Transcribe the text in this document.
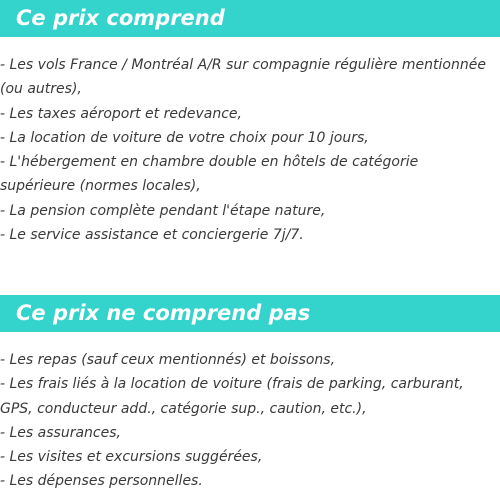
Ce prix comprend
- Les vols France / Montréal A/R sur compagnie régulière mentionnée (ou autres),
- Les taxes aéroport et redevance,
- La location de voiture de votre choix pour 10 jours,
- L'hébergement en chambre double en hôtels de catégorie supérieure (normes locales),
- La pension complète pendant l'étape nature,
- Le service assistance et conciergerie 7j/7.
Ce prix ne comprend pas
- Les repas (sauf ceux mentionnés) et boissons,
- Les frais liés à la location de voiture (frais de parking, carburant, GPS, conducteur add., catégorie sup., caution, etc.),
- Les assurances,
- Les visites et excursions suggérées,
- Les dépenses personnelles.
